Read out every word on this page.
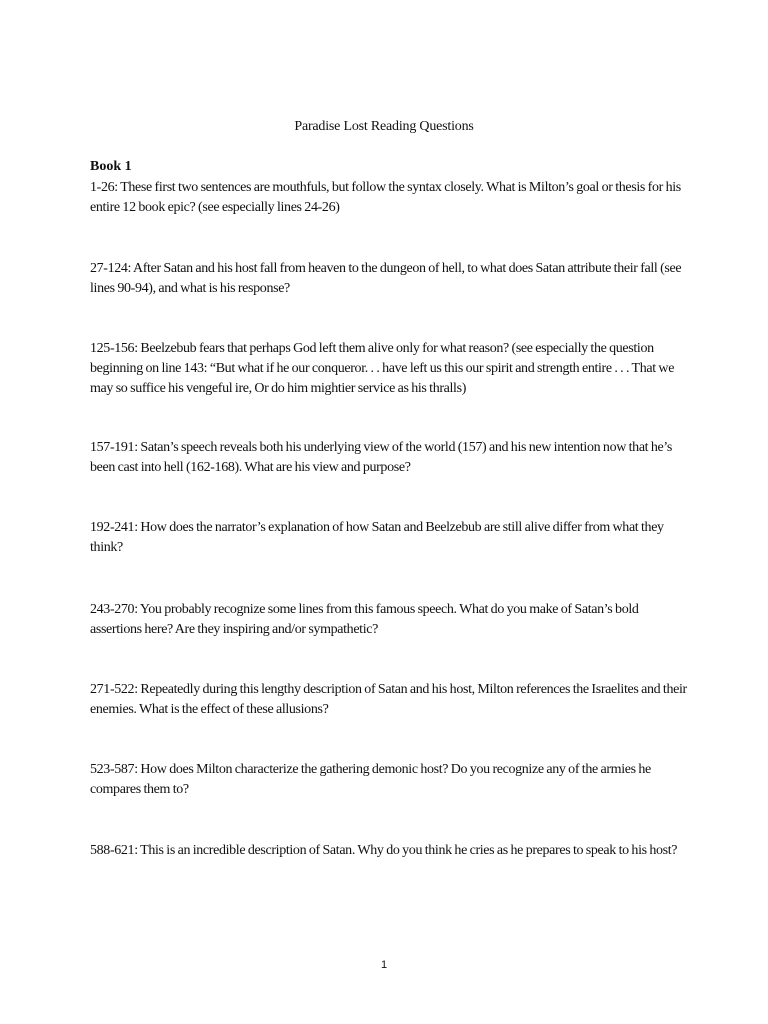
Paradise Lost Reading Questions
Book 1

1-26: These first two sentences are mouthfuls, but follow the syntax closely. What is Milton’s goal or thesis for his entire 12 book epic? (see especially lines 24-26)

27-124: After Satan and his host fall from heaven to the dungeon of hell, to what does Satan attribute their fall (see lines 90-94), and what is his response?

125-156: Beelzebub fears that perhaps God left them alive only for what reason? (see especially the question beginning on line 143: “But what if he our conqueror. . . have left us this our spirit and strength entire . . . That we may so suffice his vengeful ire, Or do him mightier service as his thralls)

157-191: Satan’s speech reveals both his underlying view of the world (157) and his new intention now that he’s been cast into hell (162-168). What are his view and purpose?

192-241: How does the narrator’s explanation of how Satan and Beelzebub are still alive differ from what they think?

243-270: You probably recognize some lines from this famous speech. What do you make of Satan’s bold assertions here? Are they inspiring and/or sympathetic?

271-522: Repeatedly during this lengthy description of Satan and his host, Milton references the Israelites and their enemies. What is the effect of these allusions?

523-587: How does Milton characterize the gathering demonic host? Do you recognize any of the armies he compares them to?

588-621: This is an incredible description of Satan. Why do you think he cries as he prepares to speak to his host?

1
